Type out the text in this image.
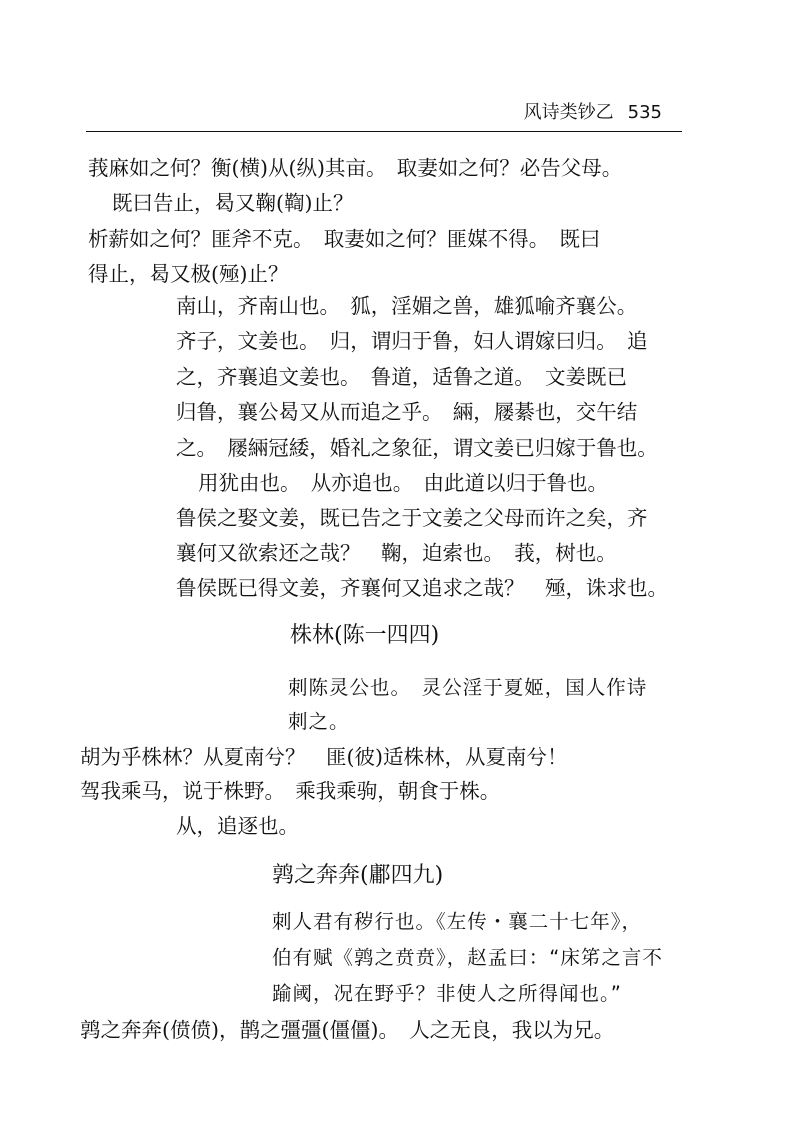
风诗类钞乙 535
莪麻如之何？衡(横)从(纵)其亩。　取妻如之何？必告父母。
既曰告止，曷又鞠(鞫)止？
析薪如之何？匪斧不克。　取妻如之何？匪媒不得。　既曰
得止，曷又极(殛)止？
南山，齐南山也。　狐，淫媚之兽，雄狐喻齐襄公。
齐子，文姜也。　归，谓归于鲁，妇人谓嫁曰归。　追
之，齐襄追文姜也。　鲁道，适鲁之道。　文姜既已
归鲁，襄公曷又从而追之乎。　緉，屦綦也，交午结
之。　屦緉冠緌，婚礼之象征，谓文姜已归嫁于鲁也。
用犹由也。　从亦追也。　由此道以归于鲁也。
鲁侯之娶文姜，既已告之于文姜之父母而许之矣，齐
襄何又欲索还之哉？　鞠，迫索也。　莪，树也。
鲁侯既已得文姜，齐襄何又追求之哉？　殛，诛求也。
株林(陈一四四)
刺陈灵公也。　灵公淫于夏姬，国人作诗
刺之。
胡为乎株林？从夏南兮？　匪(彼)适株林，从夏南兮！
驾我乘马，说于株野。　乘我乘驹，朝食于株。
从，追逐也。
鹑之奔奔(鄘四九)
刺人君有秽行也。《左传・襄二十七年》，
伯有赋《鹑之贲贲》，赵孟曰：“床笫之言不
踰阈，况在野乎？非使人之所得闻也。”
鹑之奔奔(偾偾)，鹊之彊彊(僵僵)。　人之无良，我以为兄。
